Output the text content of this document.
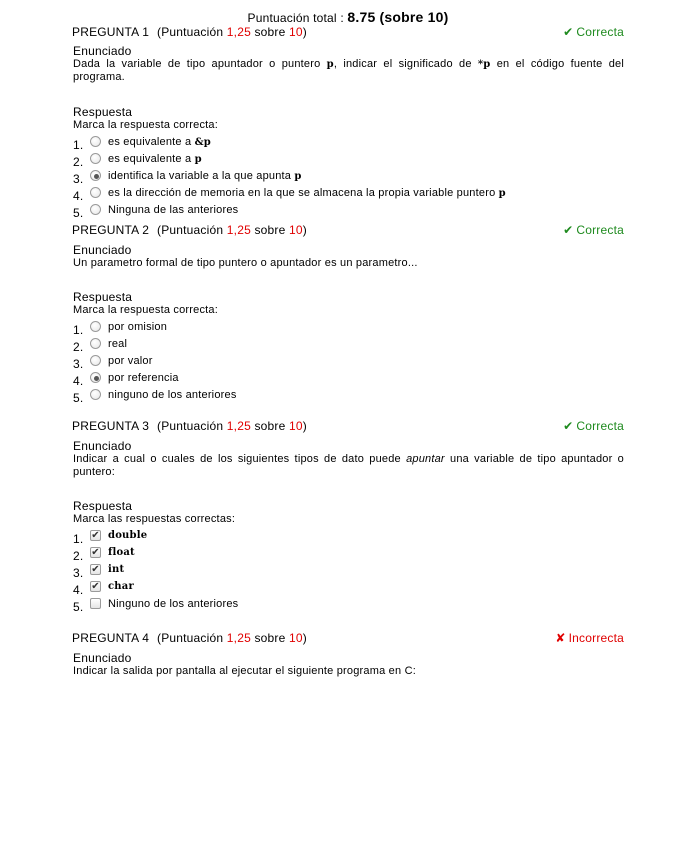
Puntuación total : 8.75 (sobre 10)
PREGUNTA 1 (Puntuación 1,25 sobre 10)	✔ Correcta
Enunciado
Dada la variable de tipo apuntador o puntero p, indicar el significado de *p en el código fuente del programa.
Respuesta
Marca la respuesta correcta:
1. es equivalente a &p
2. es equivalente a p
3. identifica la variable a la que apunta p
4. es la dirección de memoria en la que se almacena la propia variable puntero p
5. Ninguna de las anteriores
PREGUNTA 2 (Puntuación 1,25 sobre 10)	✔ Correcta
Enunciado
Un parametro formal de tipo puntero o apuntador es un parametro...
Respuesta
Marca la respuesta correcta:
1. por omision
2. real
3. por valor
4. por referencia
5. ninguno de los anteriores
PREGUNTA 3 (Puntuación 1,25 sobre 10)	✔ Correcta
Enunciado
Indicar a cual o cuales de los siguientes tipos de dato puede apuntar una variable de tipo apuntador o puntero:
Respuesta
Marca las respuestas correctas:
1. ✔ double
2. ✔ float
3. ✔ int
4. ✔ char
5. Ninguno de los anteriores
PREGUNTA 4 (Puntuación 1,25 sobre 10)	✘ Incorrecta
Enunciado
Indicar la salida por pantalla al ejecutar el siguiente programa en C:
